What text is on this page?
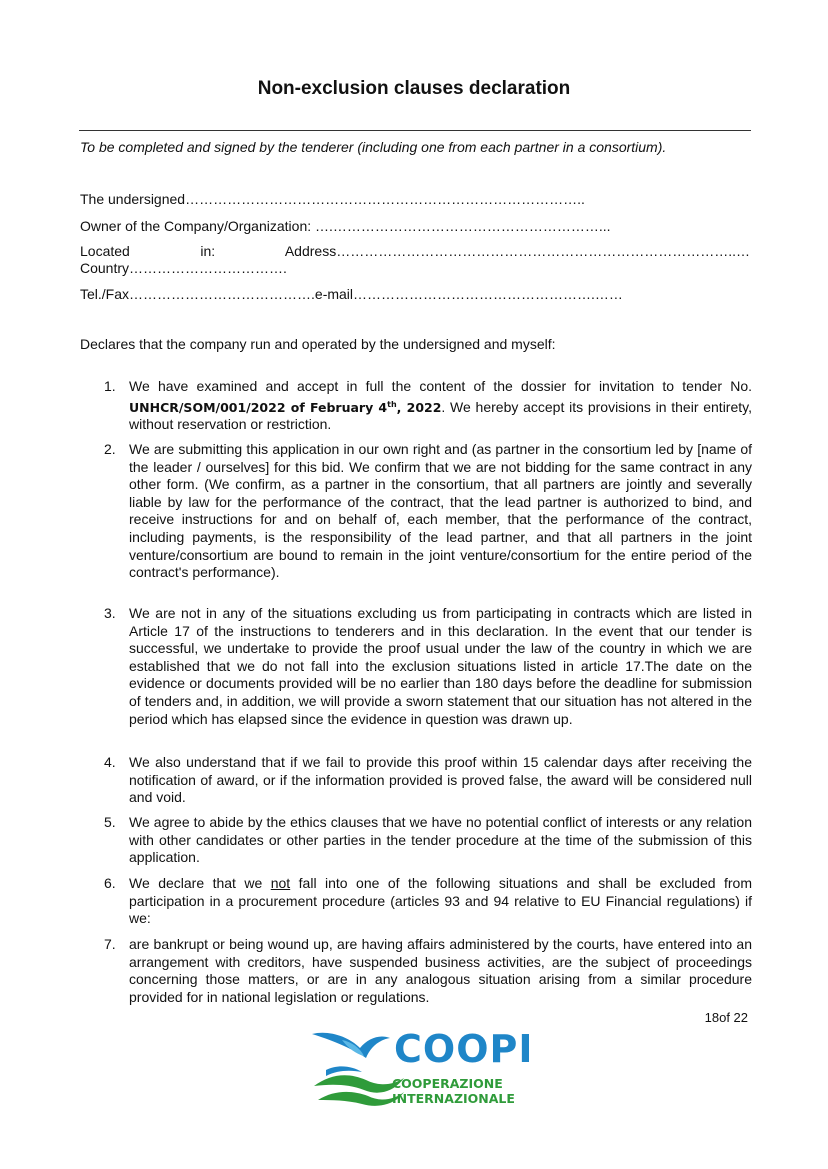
Non-exclusion clauses declaration
To be completed and signed by the tenderer (including one from each partner in a consortium).
The undersigned…………………………………………………………………………..
Owner of the Company/Organization: ….…………………………………………………...
Located in: Address…………………………………………………………………………..…
Country…………………………….
Tel./Fax………………………………….e-mail…………………………………………….……
Declares that the company run and operated by the undersigned and myself:
1. We have examined and accept in full the content of the dossier for invitation to tender No. UNHCR/SOM/001/2022 of February 4th, 2022. We hereby accept its provisions in their entirety, without reservation or restriction.
2. We are submitting this application in our own right and (as partner in the consortium led by [name of the leader / ourselves] for this bid. We confirm that we are not bidding for the same contract in any other form. (We confirm, as a partner in the consortium, that all partners are jointly and severally liable by law for the performance of the contract, that the lead partner is authorized to bind, and receive instructions for and on behalf of, each member, that the performance of the contract, including payments, is the responsibility of the lead partner, and that all partners in the joint venture/consortium are bound to remain in the joint venture/consortium for the entire period of the contract's performance).
3. We are not in any of the situations excluding us from participating in contracts which are listed in Article 17 of the instructions to tenderers and in this declaration. In the event that our tender is successful, we undertake to provide the proof usual under the law of the country in which we are established that we do not fall into the exclusion situations listed in article 17.The date on the evidence or documents provided will be no earlier than 180 days before the deadline for submission of tenders and, in addition, we will provide a sworn statement that our situation has not altered in the period which has elapsed since the evidence in question was drawn up.
4. We also understand that if we fail to provide this proof within 15 calendar days after receiving the notification of award, or if the information provided is proved false, the award will be considered null and void.
5. We agree to abide by the ethics clauses that we have no potential conflict of interests or any relation with other candidates or other parties in the tender procedure at the time of the submission of this application.
6. We declare that we not fall into one of the following situations and shall be excluded from participation in a procurement procedure (articles 93 and 94 relative to EU Financial regulations) if we:
7. are bankrupt or being wound up, are having affairs administered by the courts, have entered into an arrangement with creditors, have suspended business activities, are the subject of proceedings concerning those matters, or are in any analogous situation arising from a similar procedure provided for in national legislation or regulations.
18of 22
COOPI
COOPERAZIONE
INTERNAZIONALE
